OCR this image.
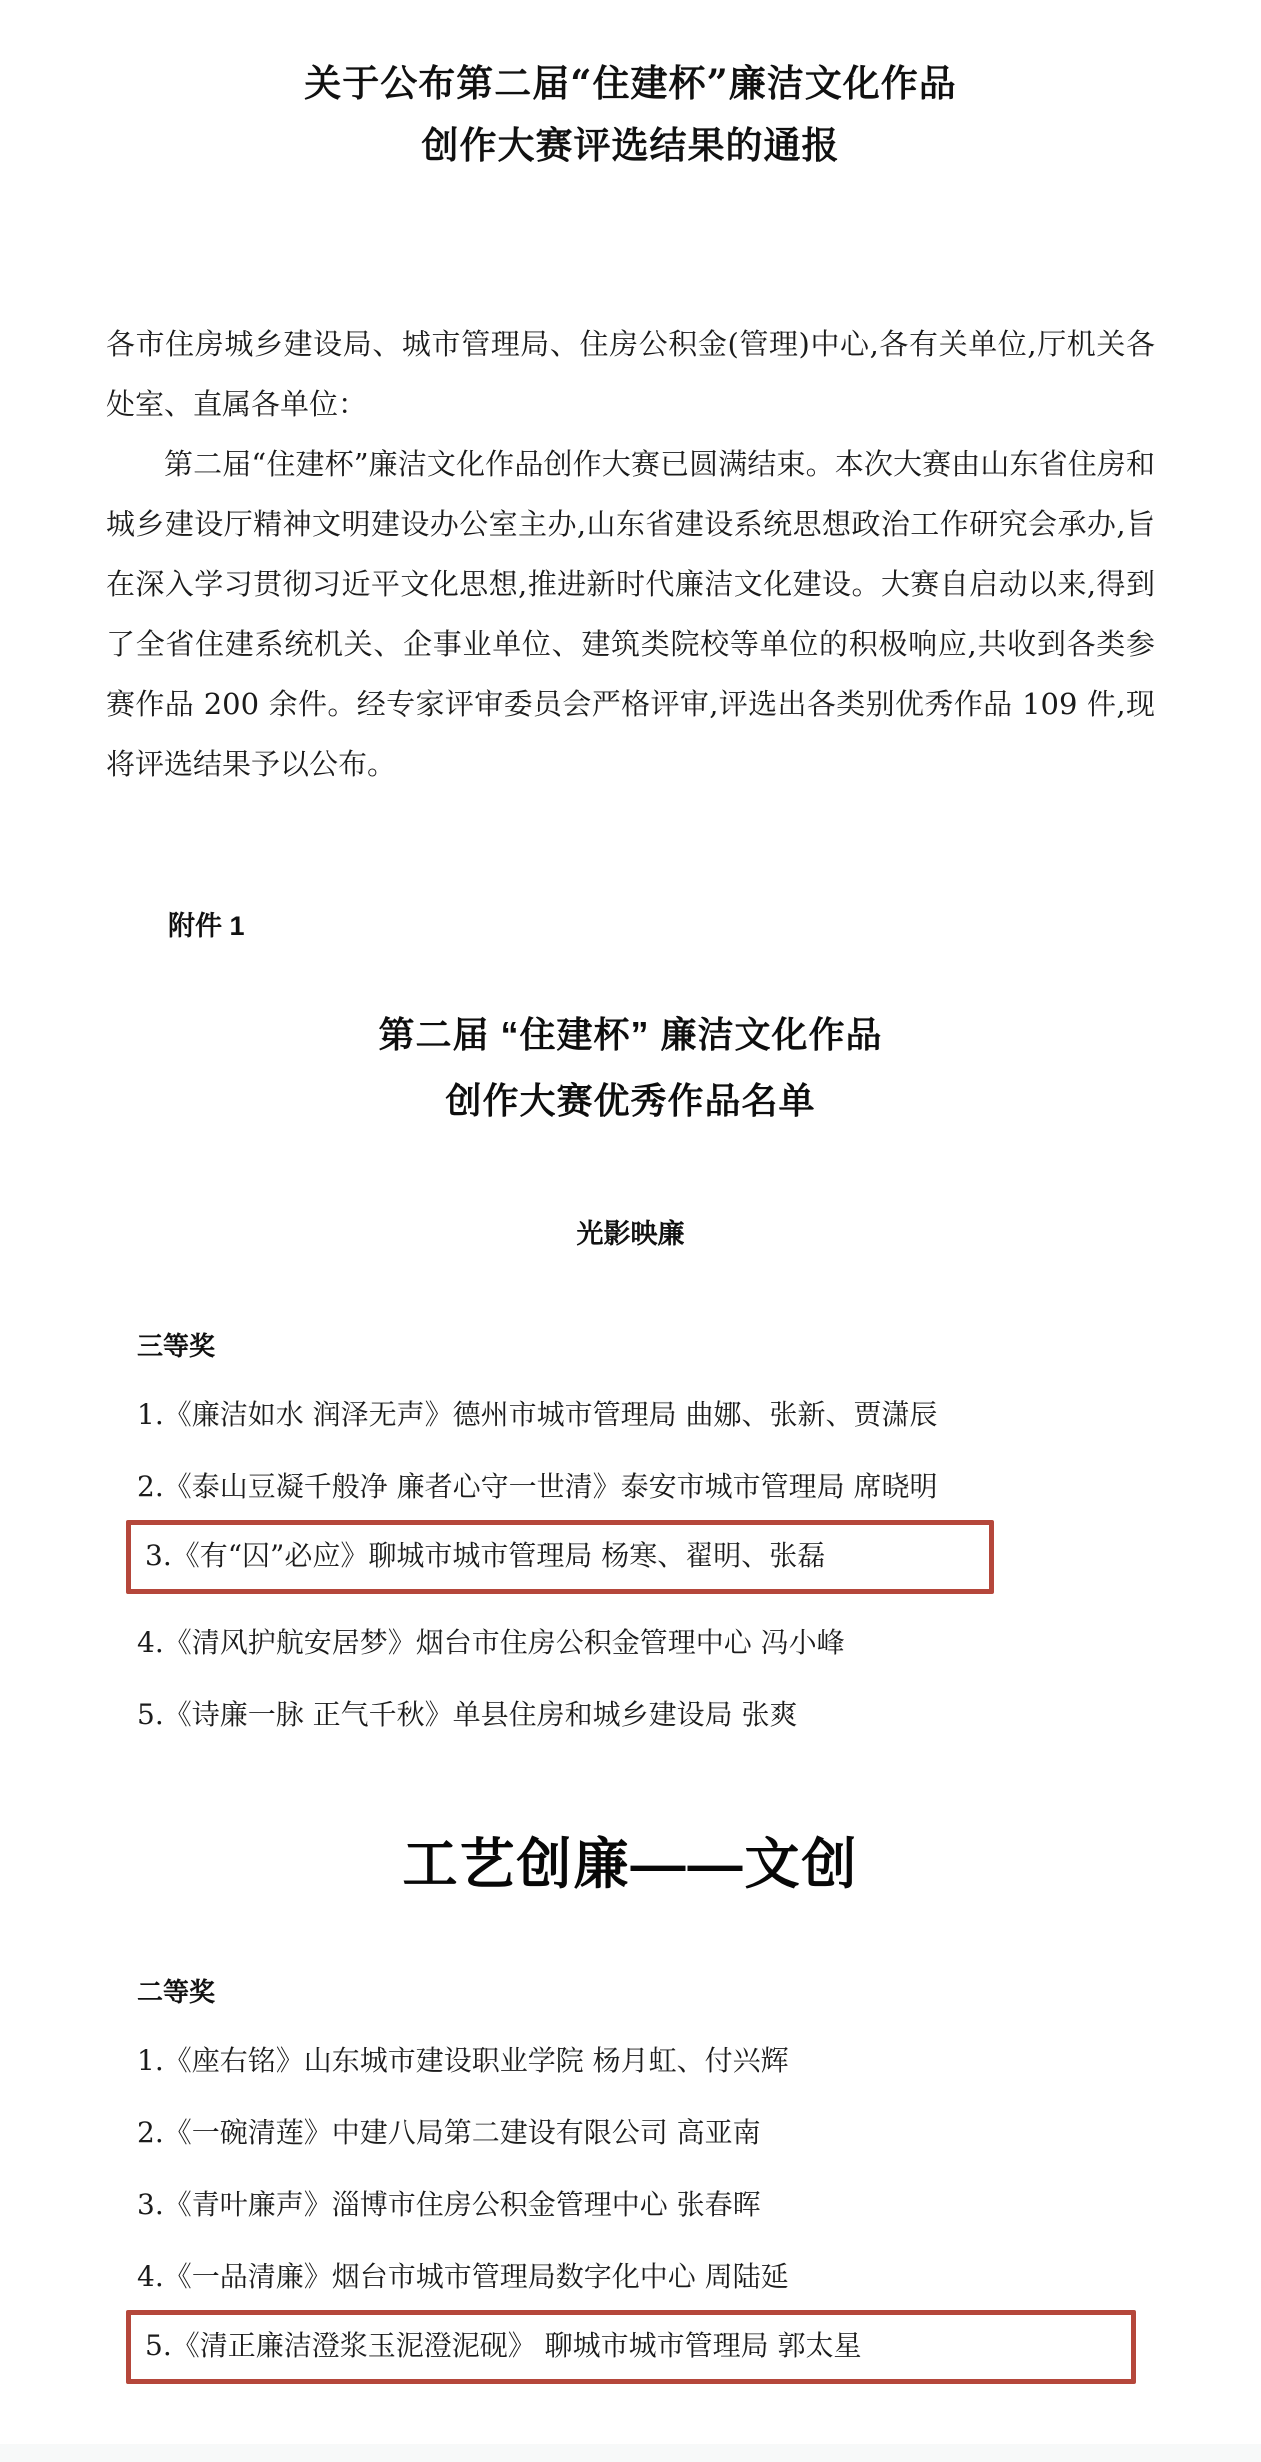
关于公布第二届“住建杯”廉洁文化作品
创作大赛评选结果的通报
各市住房城乡建设局、城市管理局、住房公积金(管理)中心,各有关单位,厅机关各处室、直属各单位：
第二届“住建杯”廉洁文化作品创作大赛已圆满结束。本次大赛由山东省住房和城乡建设厅精神文明建设办公室主办,山东省建设系统思想政治工作研究会承办,旨在深入学习贯彻习近平文化思想,推进新时代廉洁文化建设。大赛自启动以来,得到了全省住建系统机关、企事业单位、建筑类院校等单位的积极响应,共收到各类参赛作品 200 余件。经专家评审委员会严格评审,评选出各类别优秀作品 109 件,现将评选结果予以公布。
附件 1
第二届 “住建杯” 廉洁文化作品
创作大赛优秀作品名单
光影映廉
三等奖
1.《廉洁如水 润泽无声》德州市城市管理局 曲娜、张新、贾潇辰
2.《泰山豆凝千般净 廉者心守一世清》泰安市城市管理局 席晓明
3.《有“囚”必应》聊城市城市管理局 杨寒、翟明、张磊
4.《清风护航安居梦》烟台市住房公积金管理中心 冯小峰
5.《诗廉一脉 正气千秋》单县住房和城乡建设局 张爽
工艺创廉——文创
二等奖
1.《座右铭》山东城市建设职业学院 杨月虹、付兴辉
2.《一碗清莲》中建八局第二建设有限公司 高亚南
3.《青叶廉声》淄博市住房公积金管理中心 张春晖
4.《一品清廉》烟台市城市管理局数字化中心 周陆延
5.《清正廉洁澄浆玉泥澄泥砚》 聊城市城市管理局 郭太星
